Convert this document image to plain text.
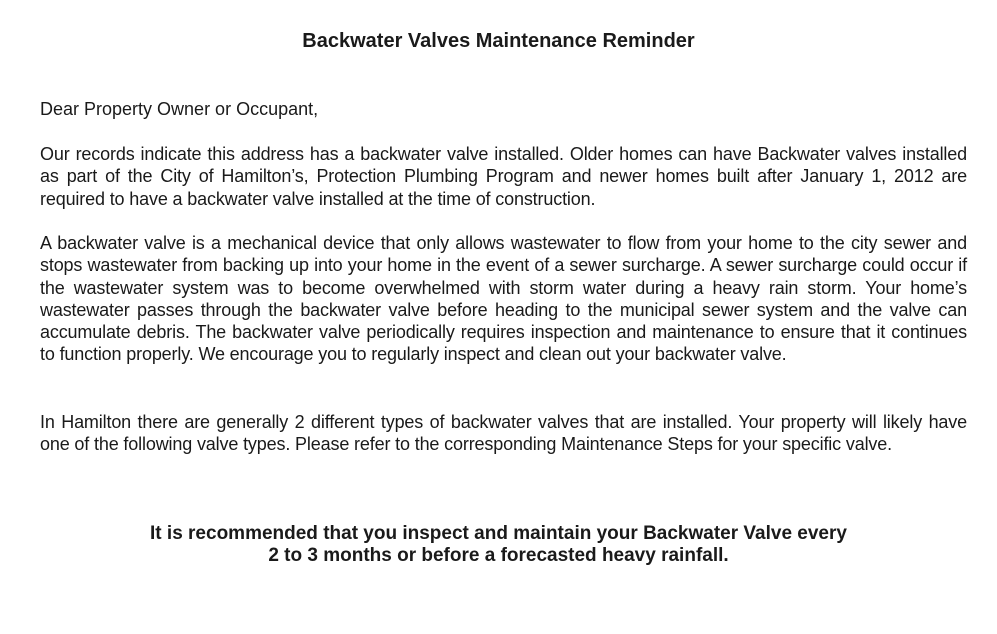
Backwater Valves Maintenance Reminder
Dear Property Owner or Occupant,
Our records indicate this address has a backwater valve installed. Older homes can have Backwater valves installed as part of the City of Hamilton’s, Protection Plumbing Program and newer homes built after January 1, 2012 are required to have a backwater valve installed at the time of construction.
A backwater valve is a mechanical device that only allows wastewater to flow from your home to the city sewer and stops wastewater from backing up into your home in the event of a sewer surcharge. A sewer surcharge could occur if the wastewater system was to become overwhelmed with storm water during a heavy rain storm. Your home’s wastewater passes through the backwater valve before heading to the municipal sewer system and the valve can accumulate debris. The backwater valve periodically requires inspection and maintenance to ensure that it continues to function properly. We encourage you to regularly inspect and clean out your backwater valve.
In Hamilton there are generally 2 different types of backwater valves that are installed. Your property will likely have one of the following valve types. Please refer to the corresponding Maintenance Steps for your specific valve.
It is recommended that you inspect and maintain your Backwater Valve every
2 to 3 months or before a forecasted heavy rainfall.
